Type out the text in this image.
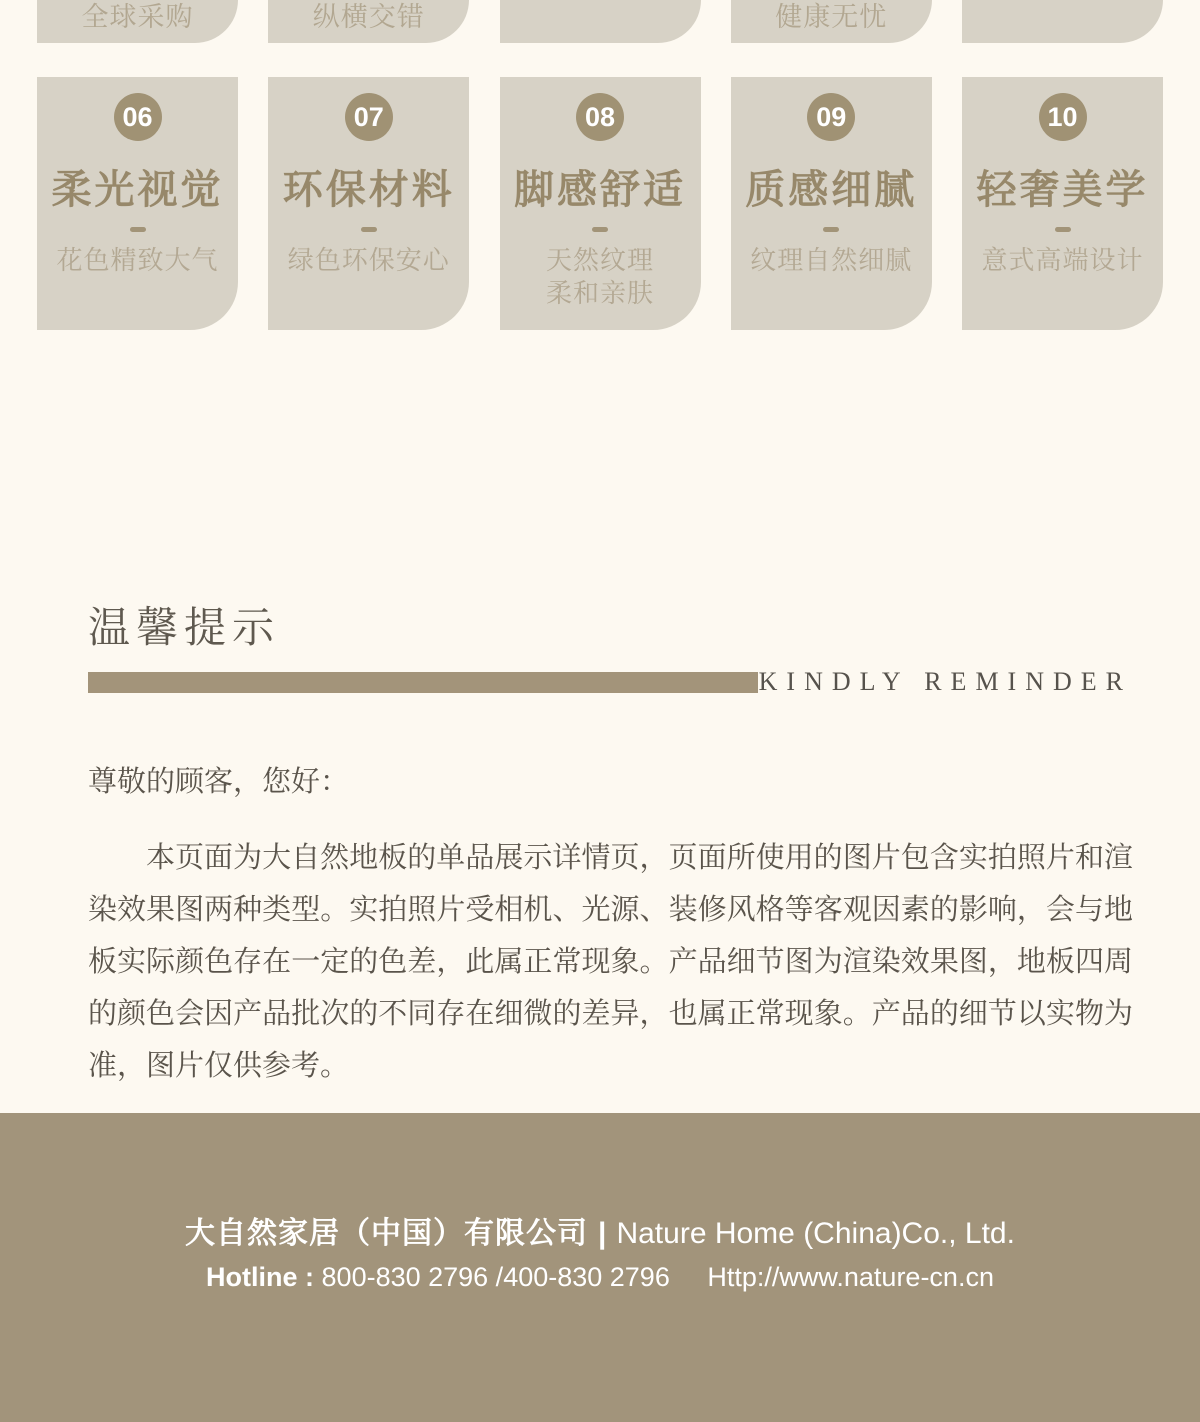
全球采购	纵横交错	健康无忧
06
柔光视觉
花色精致大气
07
环保材料
绿色环保安心
08
脚感舒适
天然纹理
柔和亲肤
09
质感细腻
纹理自然细腻
10
轻奢美学
意式高端设计
温馨提示
KINDLY REMINDER
尊敬的顾客，您好：
本页面为大自然地板的单品展示详情页，页面所使用的图片包含实拍照片和渲染效果图两种类型。实拍照片受相机、光源、装修风格等客观因素的影响，会与地板实际颜色存在一定的色差，此属正常现象。产品细节图为渲染效果图，地板四周的颜色会因产品批次的不同存在细微的差异，也属正常现象。产品的细节以实物为准，图片仅供参考。
大自然家居（中国）有限公司 | Nature Home (China)Co., Ltd.
Hotline : 800-830 2796 /400-830 2796 Http://www.nature-cn.cn
